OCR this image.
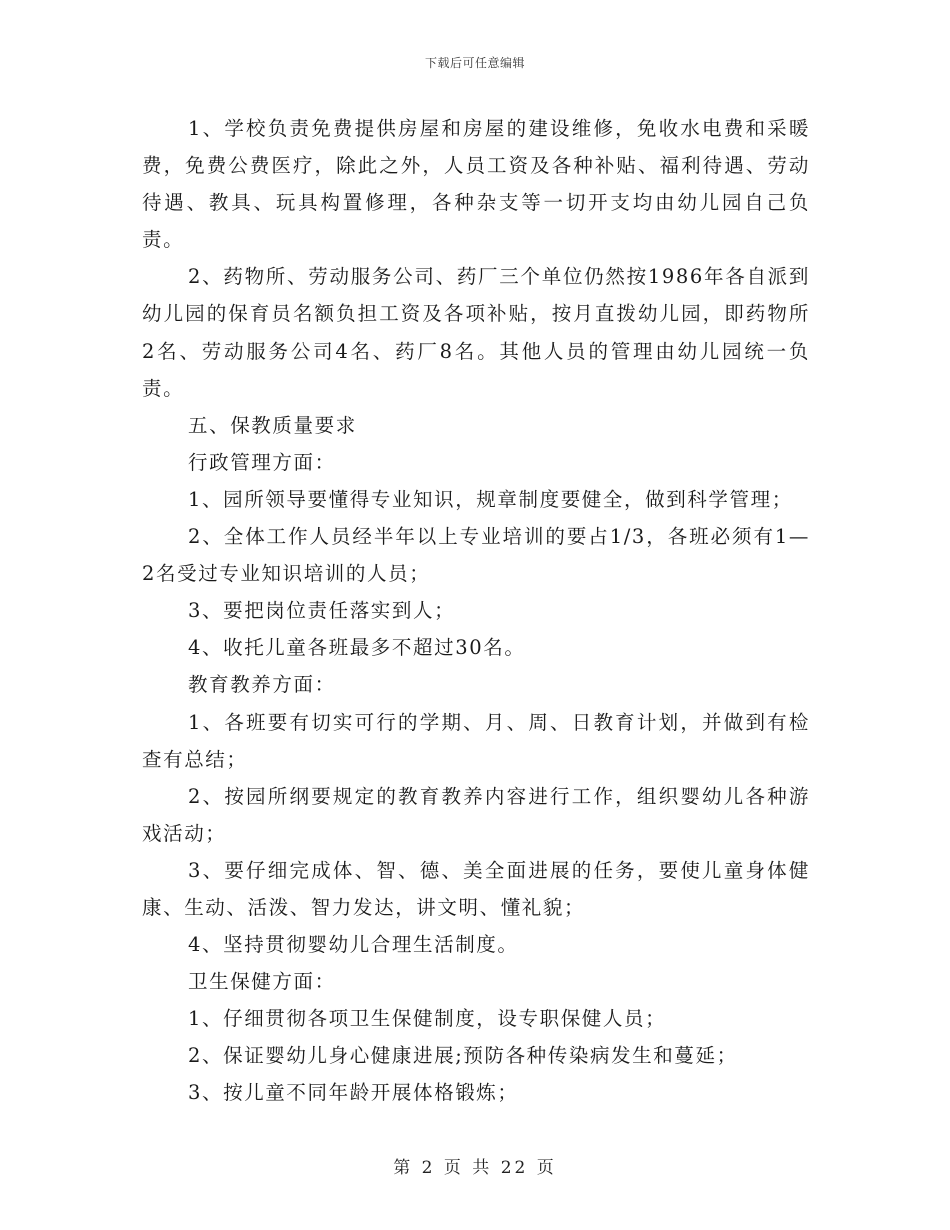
下载后可任意编辑

1、学校负责免费提供房屋和房屋的建设维修，免收水电费和采暖费，免费公费医疗，除此之外，人员工资及各种补贴、福利待遇、劳动待遇、教具、玩具构置修理，各种杂支等一切开支均由幼儿园自己负责。

2、药物所、劳动服务公司、药厂三个单位仍然按1986年各自派到幼儿园的保育员名额负担工资及各项补贴，按月直拨幼儿园，即药物所2名、劳动服务公司4名、药厂8名。其他人员的管理由幼儿园统一负责。

五、保教质量要求

行政管理方面：

1、园所领导要懂得专业知识，规章制度要健全，做到科学管理；

2、全体工作人员经半年以上专业培训的要占1/3，各班必须有1—2名受过专业知识培训的人员；

3、要把岗位责任落实到人；

4、收托儿童各班最多不超过30名。

教育教养方面：

1、各班要有切实可行的学期、月、周、日教育计划，并做到有检查有总结；

2、按园所纲要规定的教育教养内容进行工作，组织婴幼儿各种游戏活动；

3、要仔细完成体、智、德、美全面进展的任务，要使儿童身体健康、生动、活泼、智力发达，讲文明、懂礼貌；

4、坚持贯彻婴幼儿合理生活制度。

卫生保健方面：

1、仔细贯彻各项卫生保健制度，设专职保健人员；

2、保证婴幼儿身心健康进展;预防各种传染病发生和蔓延；

3、按儿童不同年龄开展体格锻炼；

第 2 页 共 22 页
